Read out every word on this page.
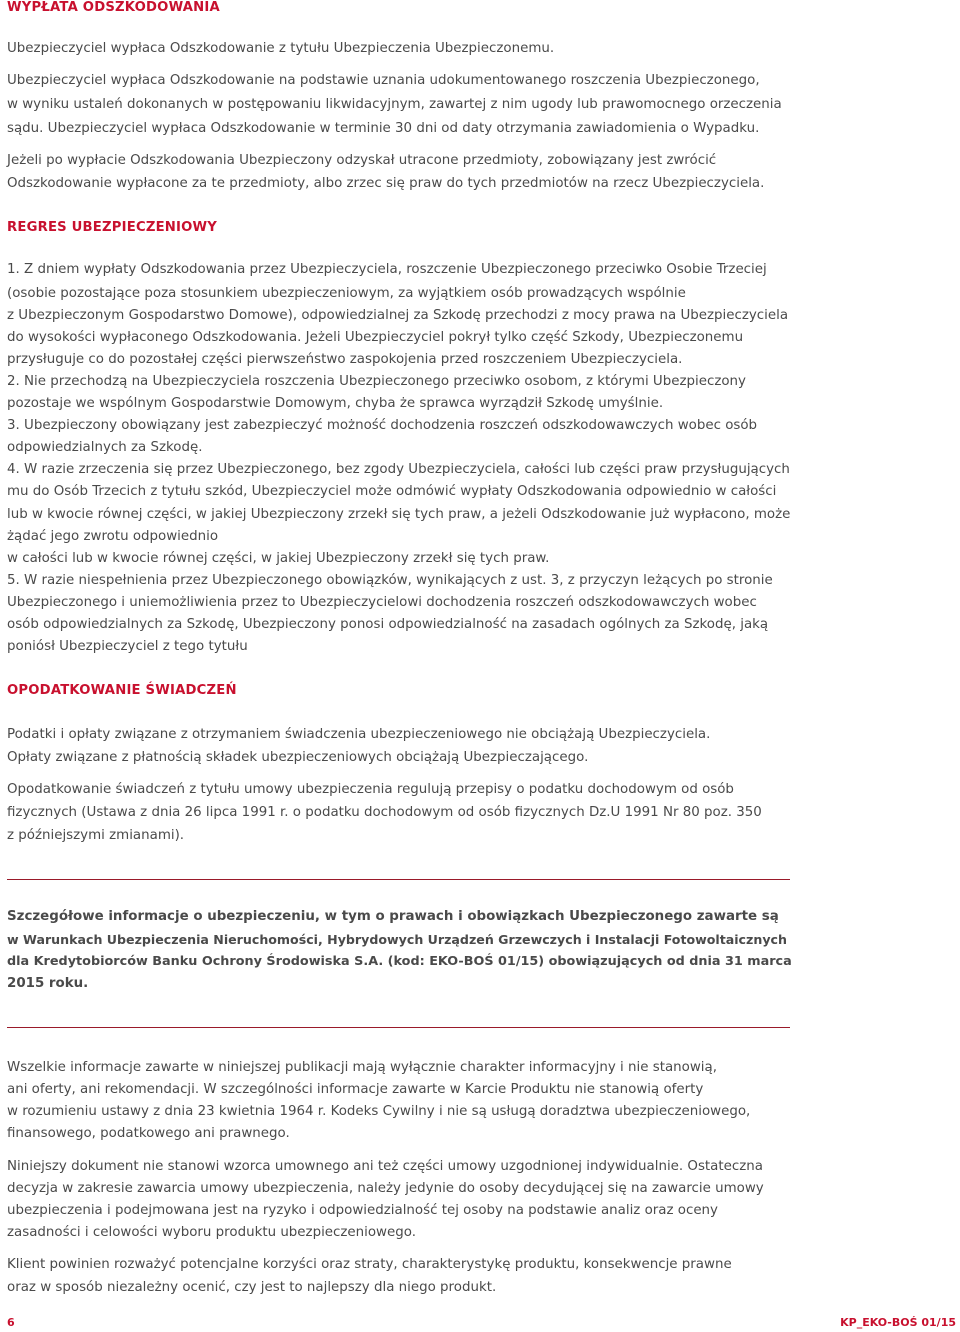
WYPŁATA ODSZKODOWANIA

Ubezpieczyciel wypłaca Odszkodowanie z tytułu Ubezpieczenia Ubezpieczonemu.

Ubezpieczyciel wypłaca Odszkodowanie na podstawie uznania udokumentowanego roszczenia Ubezpieczonego,

w wyniku ustaleń dokonanych w postępowaniu likwidacyjnym, zawartej z nim ugody lub prawomocnego orzeczenia

sądu. Ubezpieczyciel wypłaca Odszkodowanie w terminie 30 dni od daty otrzymania zawiadomienia o Wypadku.

Jeżeli po wypłacie Odszkodowania Ubezpieczony odzyskał utracone przedmioty, zobowiązany jest zwrócić

Odszkodowanie wypłacone za te przedmioty, albo zrzec się praw do tych przedmiotów na rzecz Ubezpieczyciela.

REGRES UBEZPIECZENIOWY

1. Z dniem wypłaty Odszkodowania przez Ubezpieczyciela, roszczenie Ubezpieczonego przeciwko Osobie Trzeciej

(osobie pozostające poza stosunkiem ubezpieczeniowym, za wyjątkiem osób prowadzących wspólnie

z Ubezpieczonym Gospodarstwo Domowe), odpowiedzialnej za Szkodę przechodzi z mocy prawa na Ubezpieczyciela

do wysokości wypłaconego Odszkodowania. Jeżeli Ubezpieczyciel pokrył tylko część Szkody, Ubezpieczonemu

przysługuje co do pozostałej części pierwszeństwo zaspokojenia przed roszczeniem Ubezpieczyciela.

2. Nie przechodzą na Ubezpieczyciela roszczenia Ubezpieczonego przeciwko osobom, z którymi Ubezpieczony

pozostaje we wspólnym Gospodarstwie Domowym, chyba że sprawca wyrządził Szkodę umyślnie.

3. Ubezpieczony obowiązany jest zabezpieczyć możność dochodzenia roszczeń odszkodowawczych wobec osób

odpowiedzialnych za Szkodę.

4. W razie zrzeczenia się przez Ubezpieczonego, bez zgody Ubezpieczyciela, całości lub części praw przysługujących

mu do Osób Trzecich z tytułu szkód, Ubezpieczyciel może odmówić wypłaty Odszkodowania odpowiednio w całości

lub w kwocie równej części, w jakiej Ubezpieczony zrzekł się tych praw, a jeżeli Odszkodowanie już wypłacono, może

żądać jego zwrotu odpowiednio

w całości lub w kwocie równej części, w jakiej Ubezpieczony zrzekł się tych praw.

5. W razie niespełnienia przez Ubezpieczonego obowiązków, wynikających z ust. 3, z przyczyn leżących po stronie

Ubezpieczonego i uniemożliwienia przez to Ubezpieczycielowi dochodzenia roszczeń odszkodowawczych wobec

osób odpowiedzialnych za Szkodę, Ubezpieczony ponosi odpowiedzialność na zasadach ogólnych za Szkodę, jaką

poniósł Ubezpieczyciel z tego tytułu

OPODATKOWANIE ŚWIADCZEŃ

Podatki i opłaty związane z otrzymaniem świadczenia ubezpieczeniowego nie obciążają Ubezpieczyciela.

Opłaty związane z płatnością składek ubezpieczeniowych obciążają Ubezpieczającego.

Opodatkowanie świadczeń z tytułu umowy ubezpieczenia regulują przepisy o podatku dochodowym od osób

fizycznych (Ustawa z dnia 26 lipca 1991 r. o podatku dochodowym od osób fizycznych Dz.U 1991 Nr 80 poz. 350

z późniejszymi zmianami).

Szczegółowe informacje o ubezpieczeniu, w tym o prawach i obowiązkach Ubezpieczonego zawarte są

w Warunkach Ubezpieczenia Nieruchomości, Hybrydowych Urządzeń Grzewczych i Instalacji Fotowoltaicznych

dla Kredytobiorców Banku Ochrony Środowiska S.A. (kod: EKO-BOŚ 01/15) obowiązujących od dnia 31 marca

2015 roku.

Wszelkie informacje zawarte w niniejszej publikacji mają wyłącznie charakter informacyjny i nie stanowią,

ani oferty, ani rekomendacji. W szczególności informacje zawarte w Karcie Produktu nie stanowią oferty

w rozumieniu ustawy z dnia 23 kwietnia 1964 r. Kodeks Cywilny i nie są usługą doradztwa ubezpieczeniowego,

finansowego, podatkowego ani prawnego.

Niniejszy dokument nie stanowi wzorca umownego ani też części umowy uzgodnionej indywidualnie. Ostateczna

decyzja w zakresie zawarcia umowy ubezpieczenia, należy jedynie do osoby decydującej się na zawarcie umowy

ubezpieczenia i podejmowana jest na ryzyko i odpowiedzialność tej osoby na podstawie analiz oraz oceny

zasadności i celowości wyboru produktu ubezpieczeniowego.

Klient powinien rozważyć potencjalne korzyści oraz straty, charakterystykę produktu, konsekwencje prawne

oraz w sposób niezależny ocenić, czy jest to najlepszy dla niego produkt.

6	KP_EKO-BOŚ 01/15
